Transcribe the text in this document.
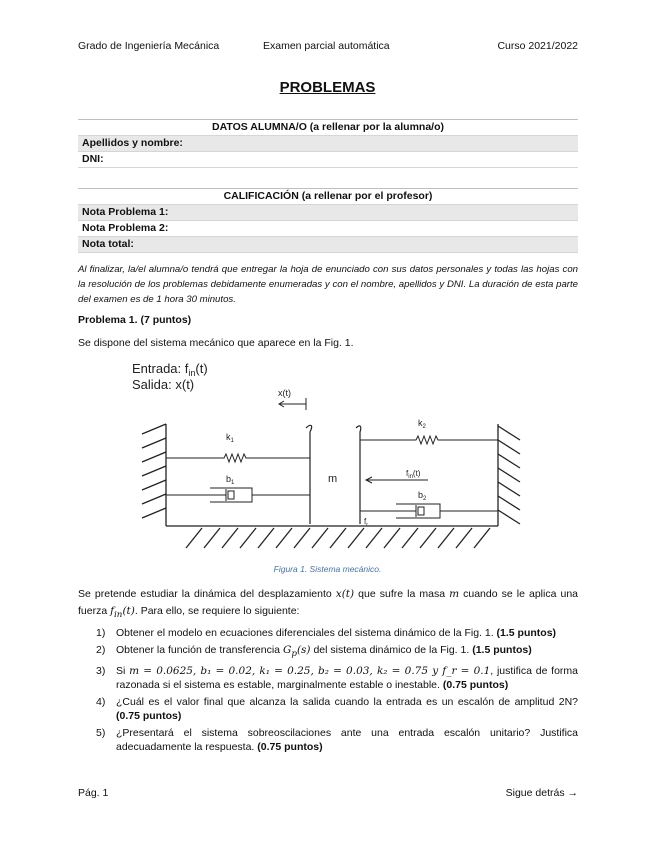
Grado de Ingeniería Mecánica	Examen parcial automática	Curso 2021/2022
PROBLEMAS
DATOS ALUMNA/O (a rellenar por la alumna/o)
Apellidos y nombre:
DNI:
CALIFICACIÓN (a rellenar por el profesor)
Nota Problema 1:
Nota Problema 2:
Nota total:
Al finalizar, la/el alumna/o tendrá que entregar la hoja de enunciado con sus datos personales y todas las hojas con la resolución de los problemas debidamente enumeradas y con el nombre, apellidos y DNI. La duración de esta parte del examen es de 1 hora 30 minutos.
Problema 1. (7 puntos)
Se dispone del sistema mecánico que aparece en la Fig. 1.
Entrada: $f_{in}(t)$
Salida: x(t)
x(t)
m
$k_1$
$b_1$
$k_2$
$f_{in}(t)$
$b_2$
$f_r$
Figura 1. Sistema mecánico.
Se pretende estudiar la dinámica del desplazamiento x(t) que sufre la masa m cuando se le aplica una fuerza $f_{in}(t)$. Para ello, se requiere lo siguiente:
1)	Obtener el modelo en ecuaciones diferenciales del sistema dinámico de la Fig. 1. (1.5 puntos)
2)	Obtener la función de transferencia $G_p(s)$ del sistema dinámico de la Fig. 1. (1.5 puntos)
3)	Si m = 0.0625, b₁ = 0.02, k₁ = 0.25, b₂ = 0.03, k₂ = 0.75 y f_r = 0.1, justifica de forma razonada si el sistema es estable, marginalmente estable o inestable. (0.75 puntos)
4)	¿Cuál es el valor final que alcanza la salida cuando la entrada es un escalón de amplitud 2N? (0.75 puntos)
5)	¿Presentará el sistema sobreoscilaciones ante una entrada escalón unitario? Justifica adecuadamente la respuesta. (0.75 puntos)
Pág. 1	Sigue detrás →
